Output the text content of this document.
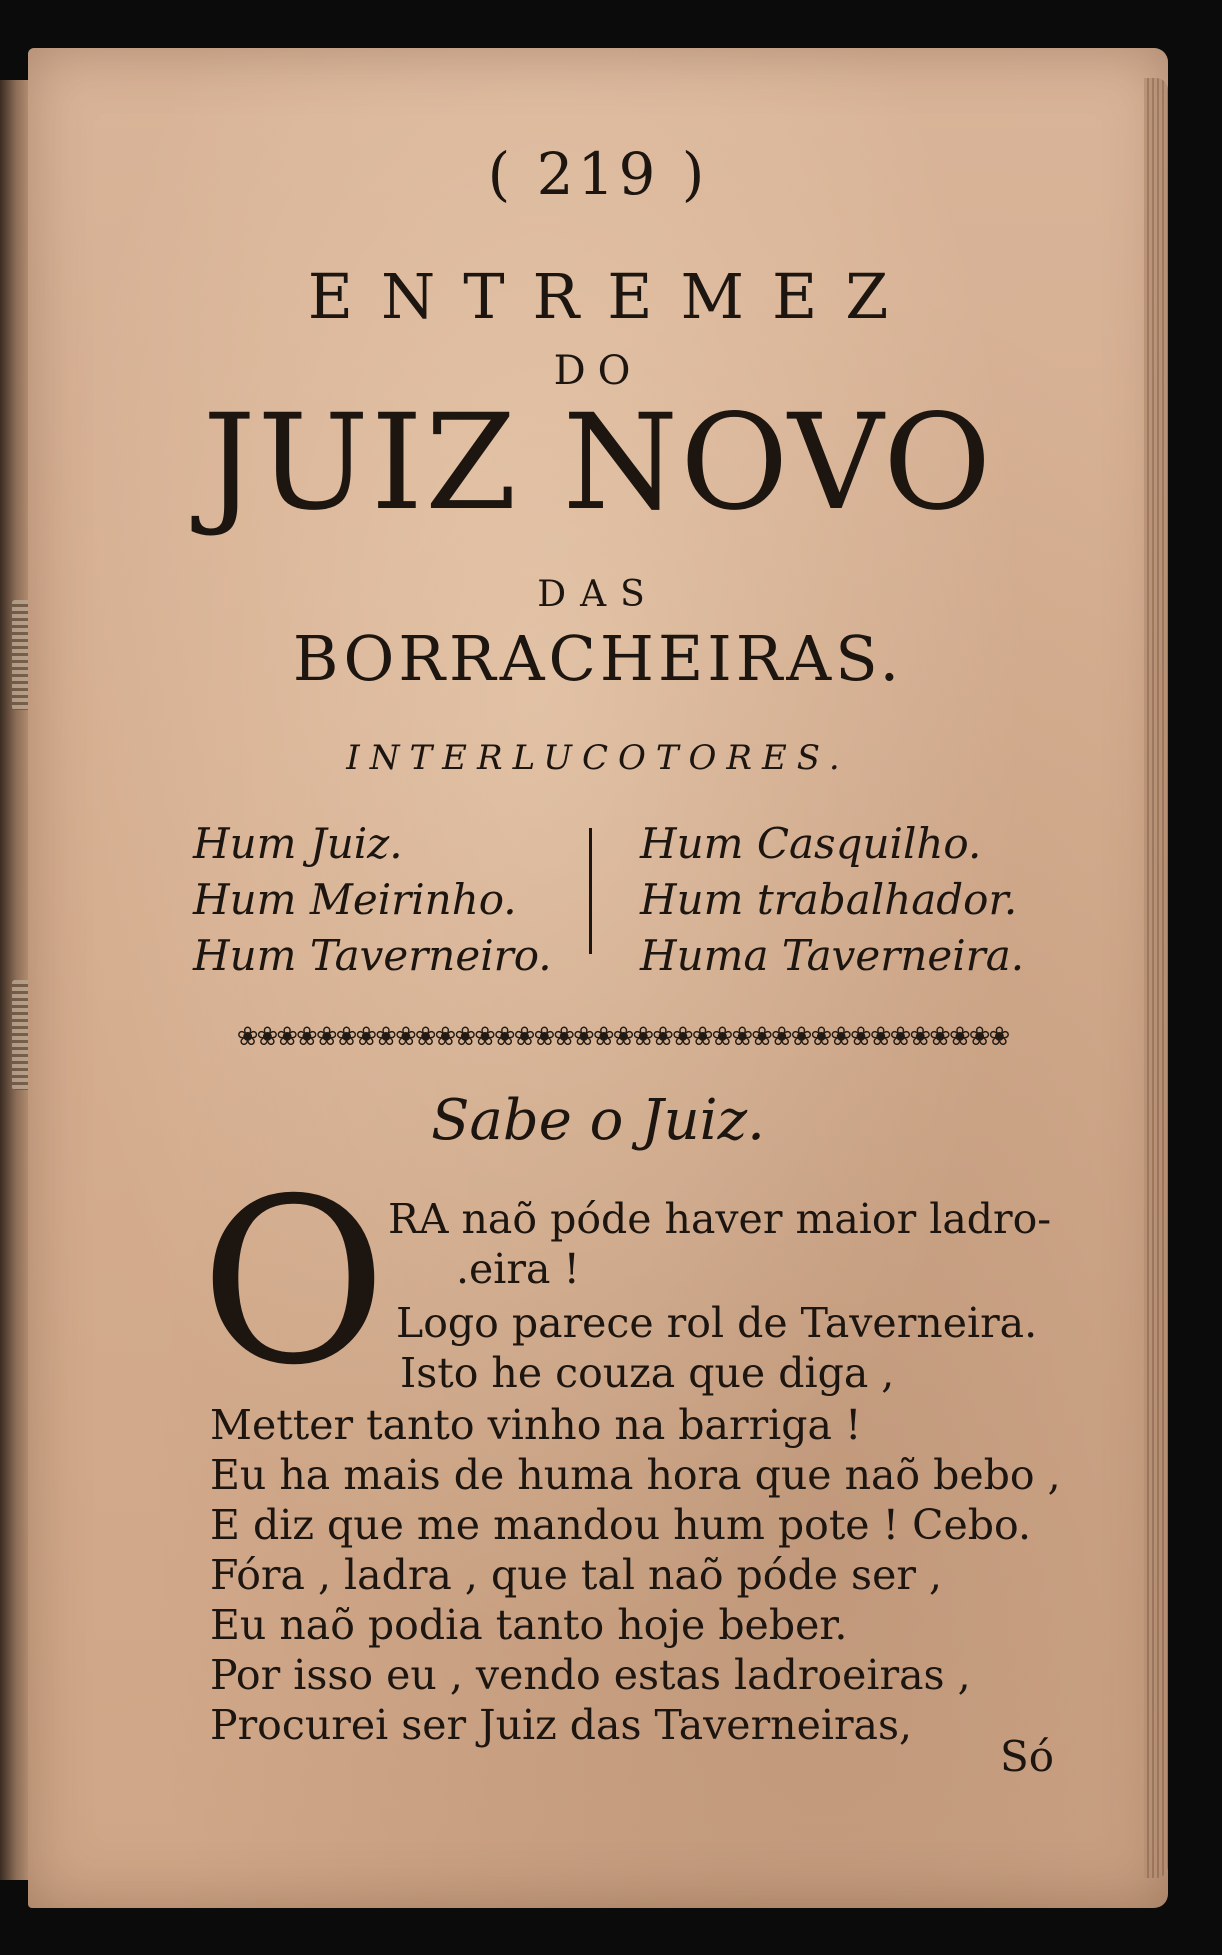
( 219 )
ENTREMEZ
DO
JUIZ NOVO
DAS
BORRACHEIRAS.
INTERLUCOTORES.
Hum Juiz.
Hum Meirinho.
Hum Taverneiro.
Hum Casquilho.
Hum trabalhador.
Huma Taverneira.
❀❀❀❀❀❀❀❀❀❀❀❀❀❀❀❀❀❀❀❀❀❀❀❀❀❀❀❀❀❀❀❀❀❀❀❀❀❀❀
Sabe o Juiz.
O RA naõ póde haver maior ladro-
.eira !
Logo parece rol de Taverneira.
Isto he couza que diga ,
Metter tanto vinho na barriga !
Eu ha mais de huma hora que naõ bebo ,
E diz que me mandou hum pote ! Cebo.
Fóra , ladra , que tal naõ póde ser ,
Eu naõ podia tanto hoje beber.
Por isso eu , vendo estas ladroeiras ,
Procurei ser Juiz das Taverneiras,
Só
